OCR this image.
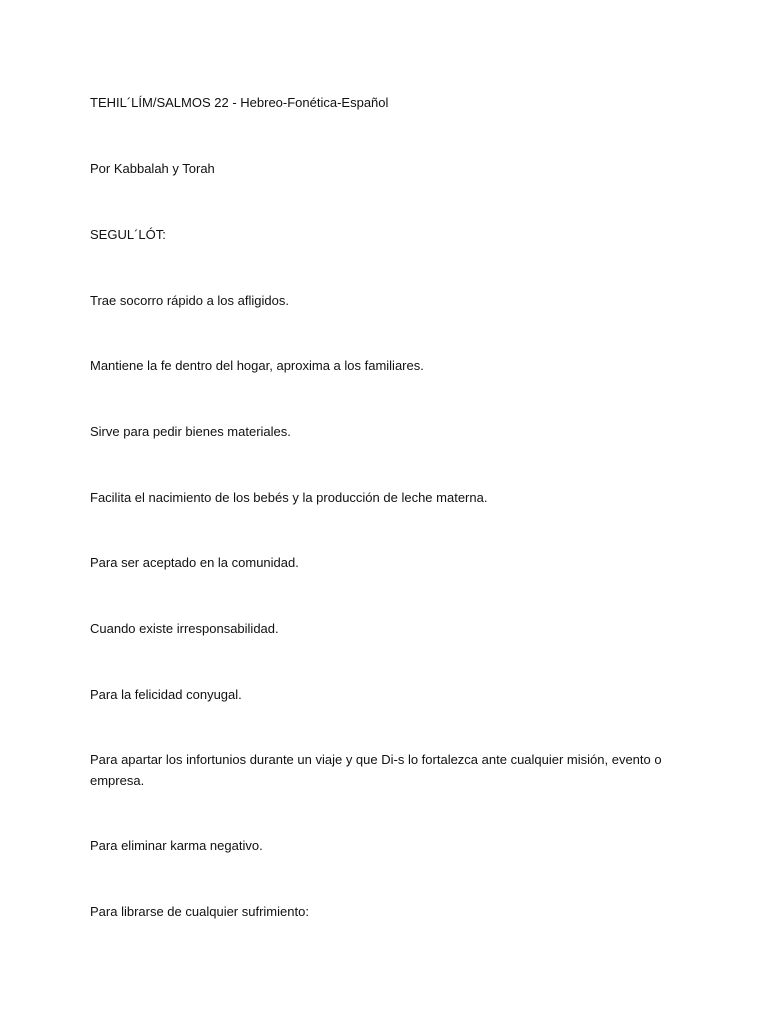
TEHIL´LÍM/SALMOS 22 - Hebreo-Fonética-Español

Por Kabbalah y Torah

SEGUL´LÓT:

Trae socorro rápido a los afligidos.

Mantiene la fe dentro del hogar, aproxima a los familiares.

Sirve para pedir bienes materiales.

Facilita el nacimiento de los bebés y la producción de leche materna.

Para ser aceptado en la comunidad.

Cuando existe irresponsabilidad.

Para la felicidad conyugal.

Para apartar los infortunios durante un viaje y que Di-s lo fortalezca ante cualquier misión, evento o empresa.

Para eliminar karma negativo.

Para librarse de cualquier sufrimiento:
